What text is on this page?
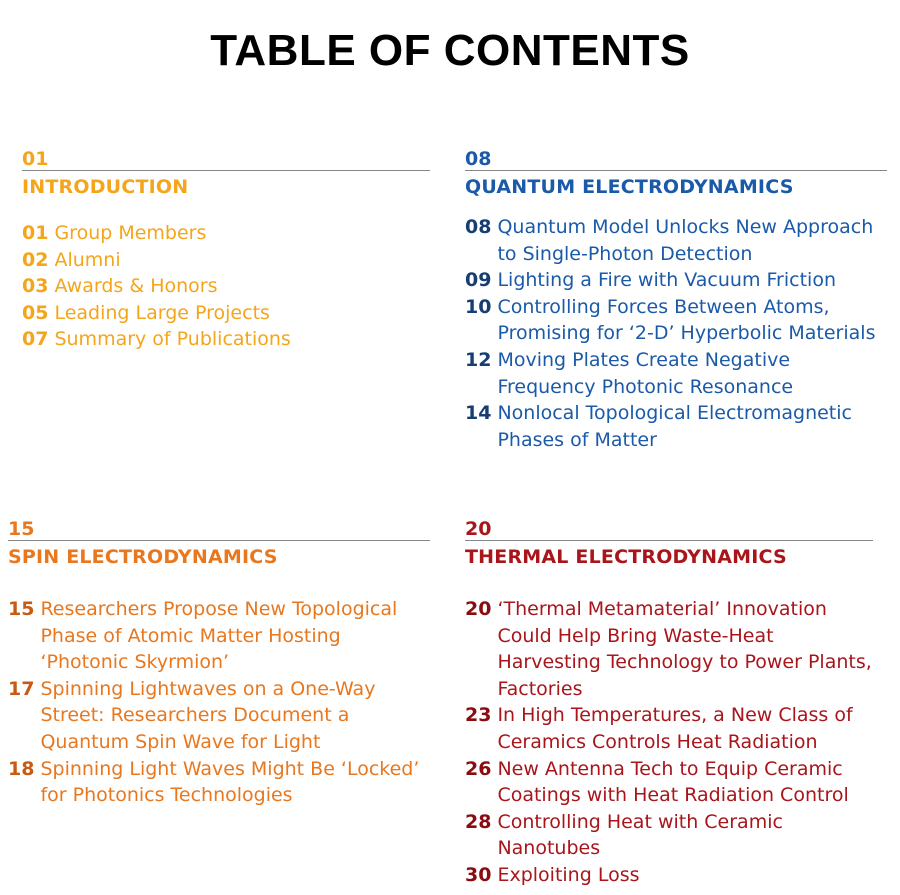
TABLE OF CONTENTS
01
INTRODUCTION
01 Group Members
02 Alumni
03 Awards & Honors
05 Leading Large Projects
07 Summary of Publications
08
QUANTUM ELECTRODYNAMICS
08 Quantum Model Unlocks New Approach to Single-Photon Detection
09 Lighting a Fire with Vacuum Friction
10 Controlling Forces Between Atoms, Promising for ‘2-D’ Hyperbolic Materials
12 Moving Plates Create Negative Frequency Photonic Resonance
14 Nonlocal Topological Electromagnetic Phases of Matter
15
SPIN ELECTRODYNAMICS
15 Researchers Propose New Topological Phase of Atomic Matter Hosting ‘Photonic Skyrmion’
17 Spinning Lightwaves on a One-Way Street: Researchers Document a Quantum Spin Wave for Light
18 Spinning Light Waves Might Be ‘Locked’ for Photonics Technologies
20
THERMAL ELECTRODYNAMICS
20 ‘Thermal Metamaterial’ Innovation Could Help Bring Waste-Heat Harvesting Technology to Power Plants, Factories
23 In High Temperatures, a New Class of Ceramics Controls Heat Radiation
26 New Antenna Tech to Equip Ceramic Coatings with Heat Radiation Control
28 Controlling Heat with Ceramic Nanotubes
30 Exploiting Loss
